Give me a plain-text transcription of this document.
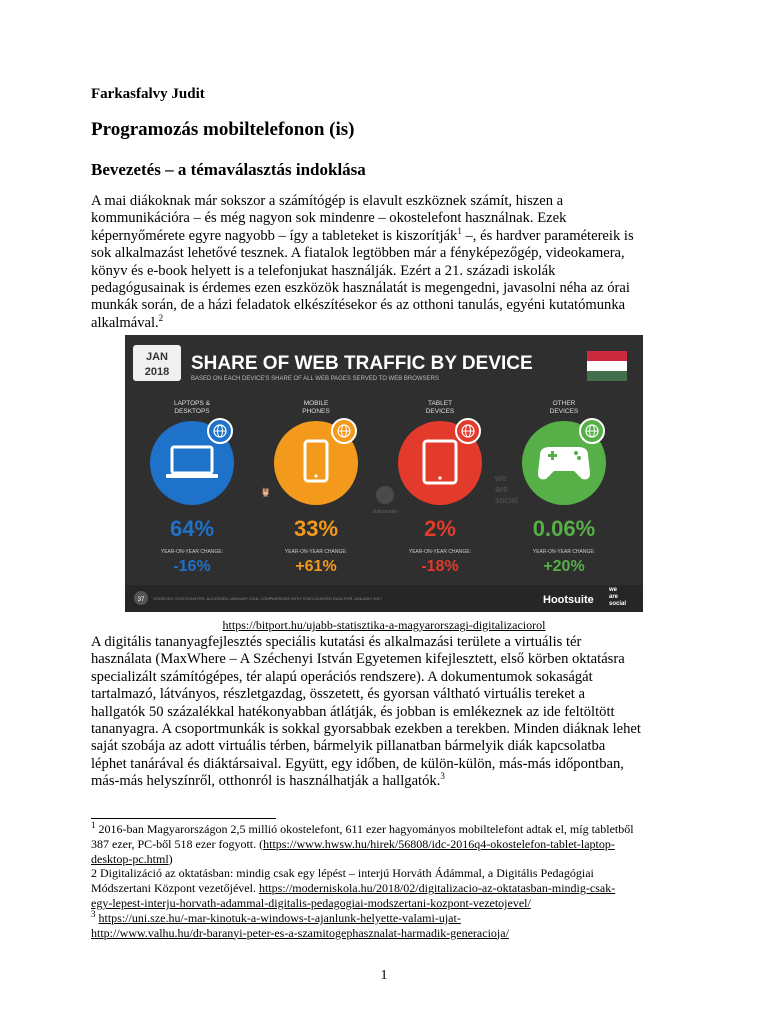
Farkasfalvy Judit
Programozás mobiltelefonon (is)
Bevezetés – a témaválasztás indoklása
A mai diákoknak már sokszor a számítógép is elavult eszköznek számít, hiszen a
kommunikációra – és még nagyon sok mindenre – okostelefont használnak. Ezek
képernyőmérete egyre nagyobb – így a tableteket is kiszorítják$^1$ –, és hardver paramétereik is
sok alkalmazást lehetővé tesznek. A fiatalok legtöbben már a fényképezőgép, videokamera,
könyv és e-book helyett is a telefonjukat használják. Ezért a 21. századi iskolák
pedagógusainak is érdemes ezen eszközök használatát is megengedni, javasolni néha az órai
munkák során, de a házi feladatok elkészítésekor és az otthoni tanulás, egyéni kutatómunka
alkalmával.$^2$
JAN
2018 SHARE OF WEB TRAFFIC BY DEVICE
BASED ON EACH DEVICE'S SHARE OF ALL WEB PAGES SERVED TO WEB BROWSERS
LAPTOPS &
DESKTOPS
64%
YEAR-ON-YEAR CHANGE:
-16%
MOBILE
PHONES
33%
YEAR-ON-YEAR CHANGE:
+61%
TABLET
DEVICES
2%
YEAR-ON-YEAR CHANGE:
-18%
OTHER
DEVICES
0.06%
YEAR-ON-YEAR CHANGE:
+20%
🦉
statcounter
we
are
social
37 SOURCES: STATCOUNTER, ACCESSED JANUARY 2018. COMPARISONS WITH STATCOUNTER DATA FOR JANUARY 2017	Hootsuite
we
are
social
https://bitport.hu/ujabb-statisztika-a-magyarorszagi-digitalizaciorol
A digitális tananyagfejlesztés speciális kutatási és alkalmazási területe a virtuális tér
használata (MaxWhere – A Széchenyi István Egyetemen kifejlesztett, első körben oktatásra
specializált számítógépes, tér alapú operációs rendszere). A dokumentumok sokaságát
tartalmazó, látványos, részletgazdag, összetett, és gyorsan váltható virtuális tereket a
hallgatók 50 százalékkal hatékonyabban átlátják, és jobban is emlékeznek az ide feltöltött
tananyagra. A csoportmunkák is sokkal gyorsabbak ezekben a terekben. Minden diáknak lehet
saját szobája az adott virtuális térben, bármelyik pillanatban bármelyik diák kapcsolatba
léphet tanárával és diáktársaival. Együtt, egy időben, de külön-külön, más-más időpontban,
más-más helyszínről, otthonról is használhatják a hallgatók.$^3$
$^1$ 2016-ban Magyarországon 2,5 millió okostelefont, 611 ezer hagyományos mobiltelefont adtak el, míg tabletből
387 ezer, PC-ből 518 ezer fogyott. (https://www.hwsw.hu/hirek/56808/idc-2016q4-okostelefon-tablet-laptop-
desktop-pc.html)
2 Digitalizáció az oktatásban: mindig csak egy lépést – interjú Horváth Ádámmal, a Digitális Pedagógiai
Módszertani Központ vezetőjével. https://moderniskola.hu/2018/02/digitalizacio-az-oktatasban-mindig-csak-
egy-lepest-interju-horvath-adammal-digitalis-pedagogiai-modszertani-kozpont-vezetojevel/
$^3$ https://uni.sze.hu/-mar-kinotuk-a-windows-t-ajanlunk-helyette-valami-ujat-
http://www.valhu.hu/dr-baranyi-peter-es-a-szamitogephasznalat-harmadik-generacioja/
1
